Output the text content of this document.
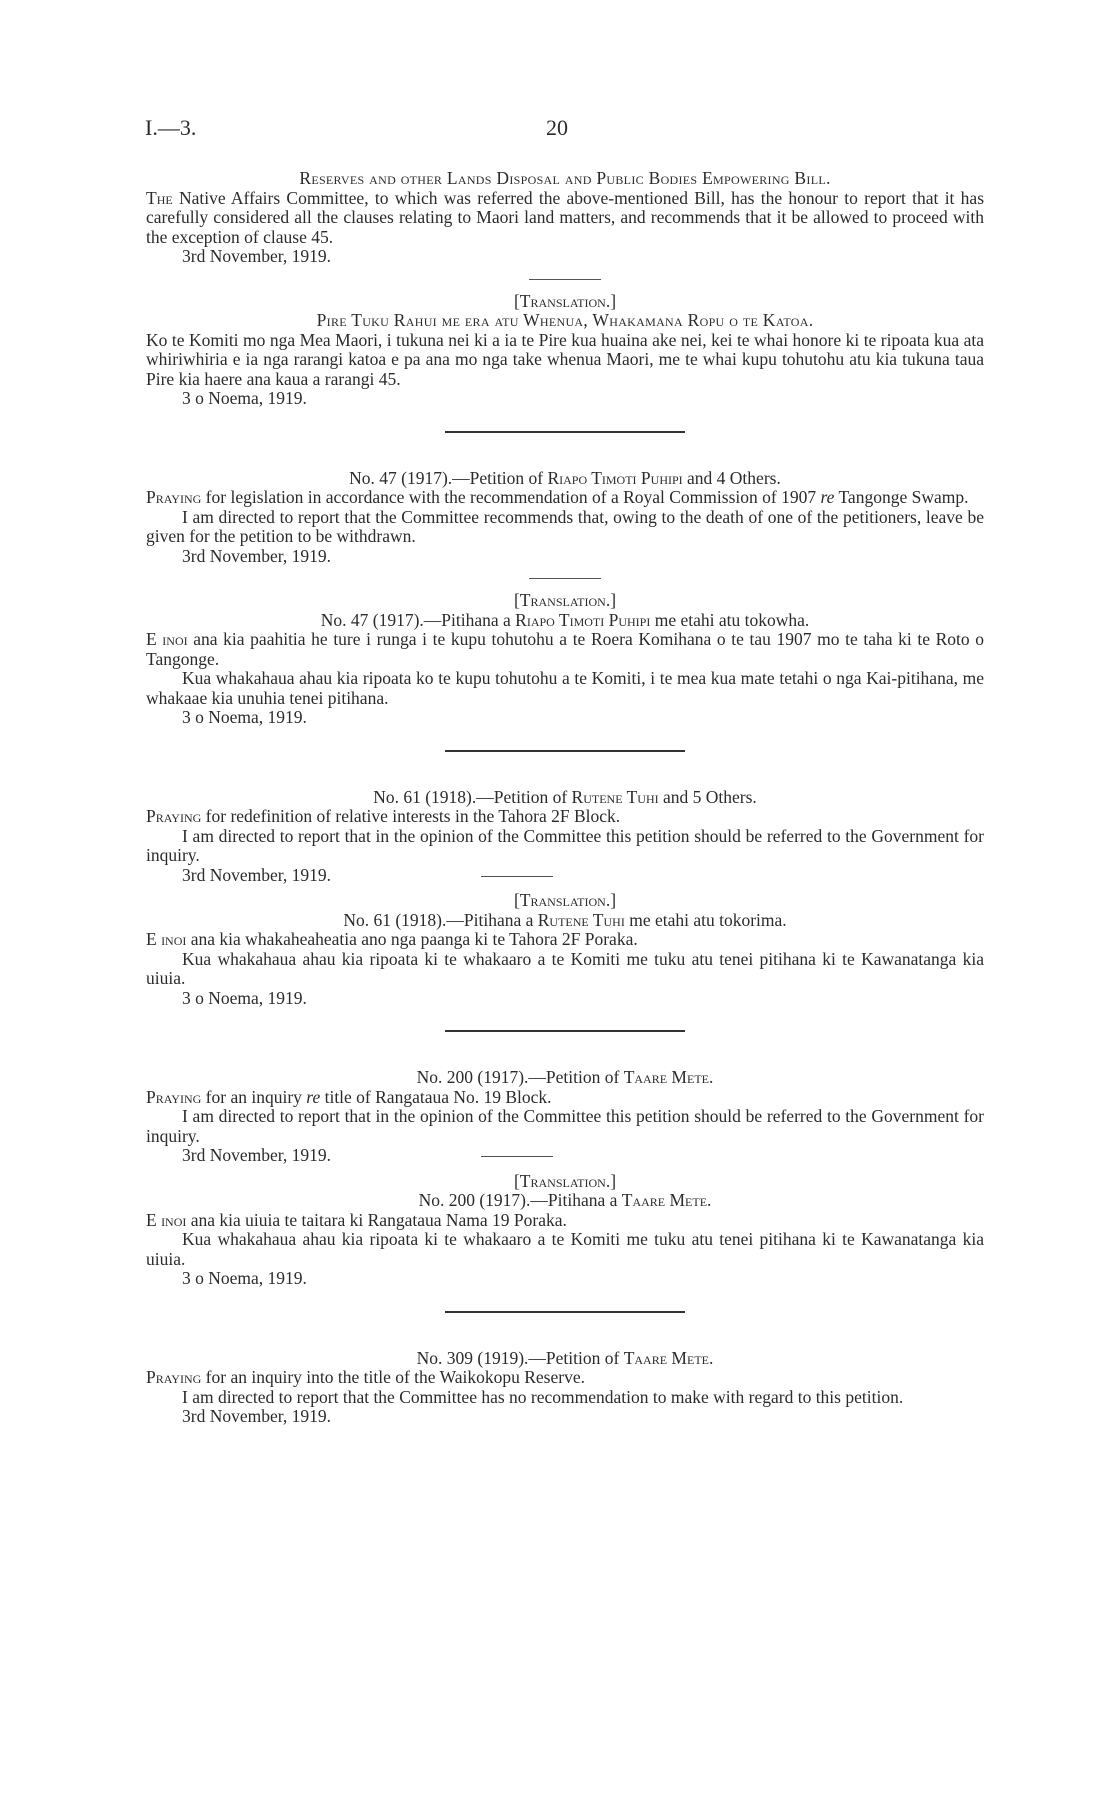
I.—3.	20
Reserves and other Lands Disposal and Public Bodies Empowering Bill.

The Native Affairs Committee, to which was referred the above-mentioned Bill, has the honour to report that it has carefully considered all the clauses relating to Maori land matters, and recommends that it be allowed to proceed with the exception of clause 45.

3rd November, 1919.
[Translation.]
Pire Tuku Rahui me era atu Whenua, Whakamana Ropu o te Katoa.

Ko te Komiti mo nga Mea Maori, i tukuna nei ki a ia te Pire kua huaina ake nei, kei te whai honore ki te ripoata kua ata whiriwhiria e ia nga rarangi katoa e pa ana mo nga take whenua Maori, me te whai kupu tohutohu atu kia tukuna taua Pire kia haere ana kaua a rarangi 45.

3 o Noema, 1919.
No. 47 (1917).—Petition of Riapo Timoti Puhipi and 4 Others.

Praying for legislation in accordance with the recommendation of a Royal Commission of 1907 re Tangonge Swamp.

I am directed to report that the Committee recommends that, owing to the death of one of the petitioners, leave be given for the petition to be withdrawn.

3rd November, 1919.
[Translation.]
No. 47 (1917).—Pitihana a Riapo Timoti Puhipi me etahi atu tokowha.

E inoi ana kia paahitia he ture i runga i te kupu tohutohu a te Roera Komihana o te tau 1907 mo te taha ki te Roto o Tangonge.

Kua whakahaua ahau kia ripoata ko te kupu tohutohu a te Komiti, i te mea kua mate tetahi o nga Kai-pitihana, me whakaae kia unuhia tenei pitihana.

3 o Noema, 1919.
No. 61 (1918).—Petition of Rutene Tuhi and 5 Others.

Praying for redefinition of relative interests in the Tahora 2F Block.

I am directed to report that in the opinion of the Committee this petition should be referred to the Government for inquiry.

3rd November, 1919.
[Translation.]
No. 61 (1918).—Pitihana a Rutene Tuhi me etahi atu tokorima.

E inoi ana kia whakaheaheatia ano nga paanga ki te Tahora 2F Poraka.

Kua whakahaua ahau kia ripoata ki te whakaaro a te Komiti me tuku atu tenei pitihana ki te Kawanatanga kia uiuia.

3 o Noema, 1919.
No. 200 (1917).—Petition of Taare Mete.

Praying for an inquiry re title of Rangataua No. 19 Block.

I am directed to report that in the opinion of the Committee this petition should be referred to the Government for inquiry.

3rd November, 1919.
[Translation.]
No. 200 (1917).—Pitihana a Taare Mete.

E inoi ana kia uiuia te taitara ki Rangataua Nama 19 Poraka.

Kua whakahaua ahau kia ripoata ki te whakaaro a te Komiti me tuku atu tenei pitihana ki te Kawanatanga kia uiuia.

3 o Noema, 1919.
No. 309 (1919).—Petition of Taare Mete.

Praying for an inquiry into the title of the Waikokopu Reserve.

I am directed to report that the Committee has no recommendation to make with regard to this petition.

3rd November, 1919.
